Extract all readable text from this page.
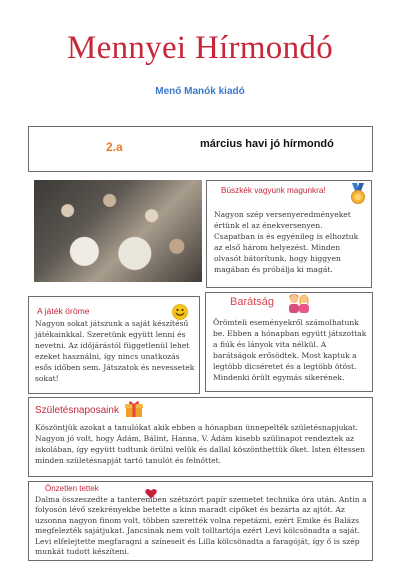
Mennyei Hírmondó
Menő Manók kiadó
2.a	március havi jó hírmondó
Büszkék vagyunk magunkra!
Nagyon szép versenyeredményeket értünk el az énekversenyen. Csapatban is és egyénileg is elhoztuk az első három helyezést. Minden olvasót bátorítunk, hogy higgyen magában és próbálja ki magát.
A játék öröme
Nagyon sokat játszunk a saját készítésű játékainkkal. Szeretünk együtt lenni és nevetni. Az időjárástól függetlenül lehet ezeket használni, így nincs unatkozás esős időben sem. Játszatok és nevessetek sokat!
Barátság
Örömteli eseményekről számolhatunk be. Ebben a hónapban együtt játszottak a fiúk és lányok vita nélkül. A barátságok erősödtek. Most kaptuk a legtöbb dicséretet és a legtöbb ötöst. Mindenki örült egymás sikerének.
Születésnaposaink
Köszöntjük azokat a tanulókat akik ebben a hónapban ünnepelték születésnapjukat. Nagyon jó volt, hogy Ádám, Bálint, Hanna, V. Ádám kisebb szülinapot rendeztek az iskolában, így együtt tudtunk örülni velük és dallal köszönthettük őket. Isten éltessen minden születésnapját tartó tanulót és felnőttet.
Önzetlen tettek
Dalma összeszedte a tanteremben szétszórt papír szemetet technika óra után. Antin a folyosón lévő szekrényekbe betette a kinn maradt cipőket és bezárta az ajtót. Az uzsonna nagyon finom volt, többen szerették volna repetázni, ezért Emike és Balázs megfelezték sajátjukat. Jancsinak nem volt tolltartója ezért Levi kölcsönadta a saját. Levi elfelejtette megfaragni a színeseit és Lilla kölcsönadta a faragóját, így ő is szép munkát tudott készíteni.
